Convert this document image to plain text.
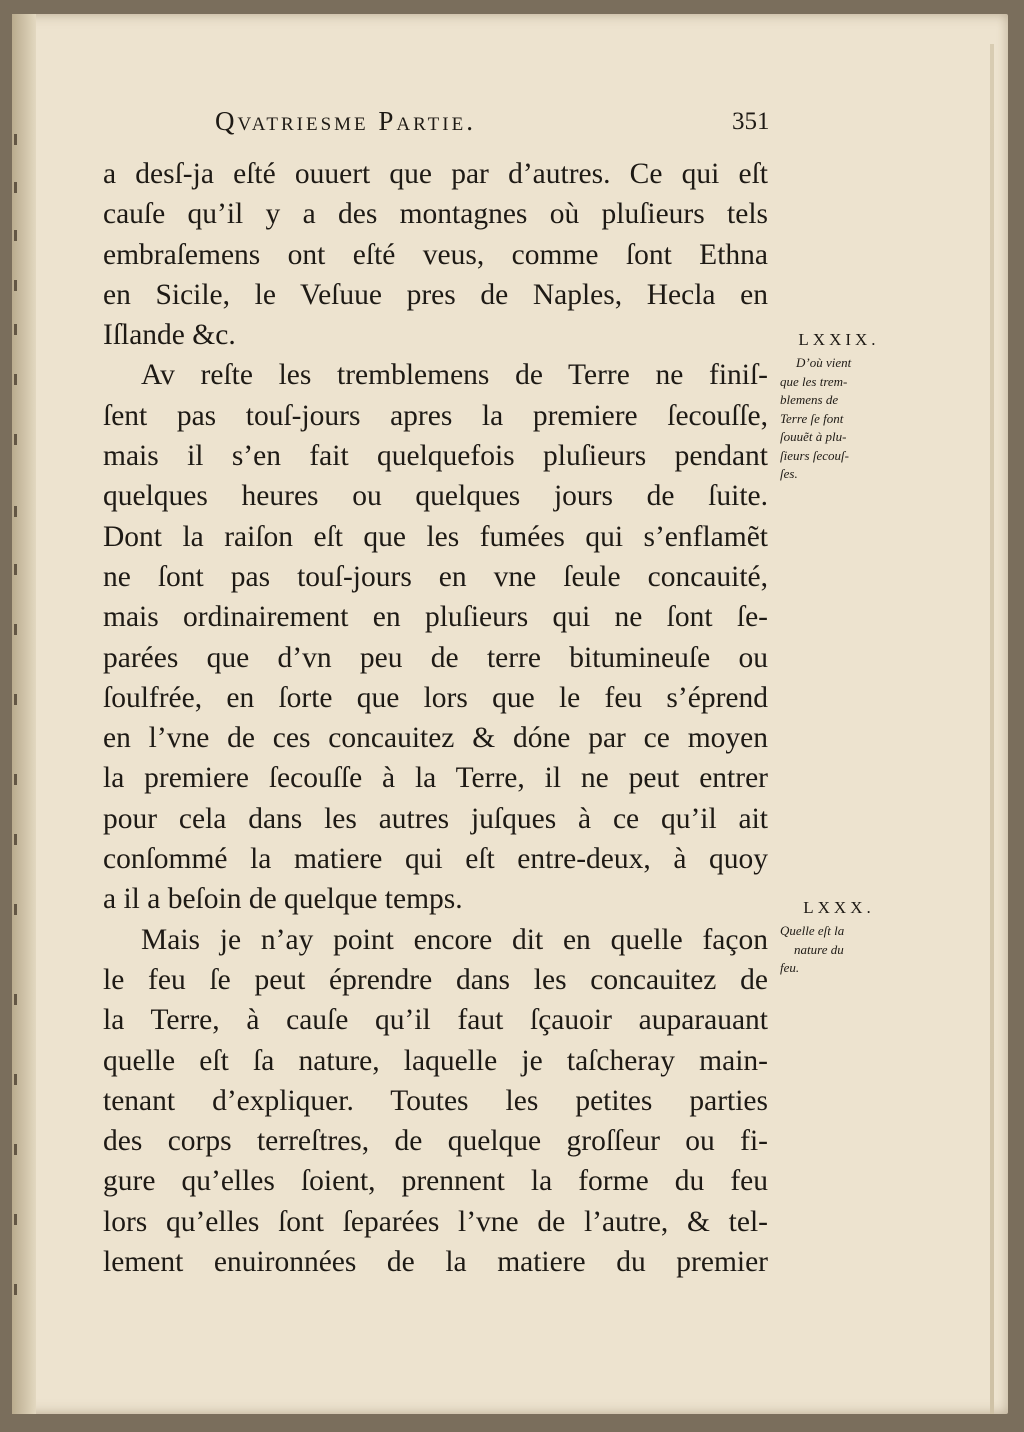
Qvatriesme Partie.	351
a desſ-ja eſté ouuert que par d’autres. Ce qui eſt
cauſe qu’il y a des montagnes où pluſieurs tels
embraſemens ont eſté veus, comme ſont Ethna
en Sicile, le Veſuue pres de Naples, Hecla en
Iſlande &c.
Av reſte les tremblemens de Terre ne finiſ-
ſent pas touſ-jours apres la premiere ſecouſſe,
mais il s’en fait quelquefois pluſieurs pendant
quelques heures ou quelques jours de ſuite.
Dont la raiſon eſt que les fumées qui s’enflamẽt
ne ſont pas touſ-jours en vne ſeule concauité,
mais ordinairement en pluſieurs qui ne ſont ſe-
parées que d’vn peu de terre bitumineuſe ou
ſoulfrée, en ſorte que lors que le feu s’éprend
en l’vne de ces concauitez & dóne par ce moyen
la premiere ſecouſſe à la Terre, il ne peut entrer
pour cela dans les autres juſques à ce qu’il ait
conſommé la matiere qui eſt entre-deux, à quoy
a il a beſoin de quelque temps.
Mais je n’ay point encore dit en quelle façon
le feu ſe peut éprendre dans les concauitez de
la Terre, à cauſe qu’il faut ſçauoir auparauant
quelle eſt ſa nature, laquelle je taſcheray main-
tenant d’expliquer. Toutes les petites parties
des corps terreſtres, de quelque groſſeur ou fi-
gure qu’elles ſoient, prennent la forme du feu
lors qu’elles ſont ſeparées l’vne de l’autre, & tel-
lement enuironnées de la matiere du premier
LXXIX.
D’où vient
que les trem-
blemens de
Terre ſe font
ſouuẽt à plu-
ſieurs ſecouſ-
ſes.
LXXX.
Quelle eſt la
nature du
feu.
